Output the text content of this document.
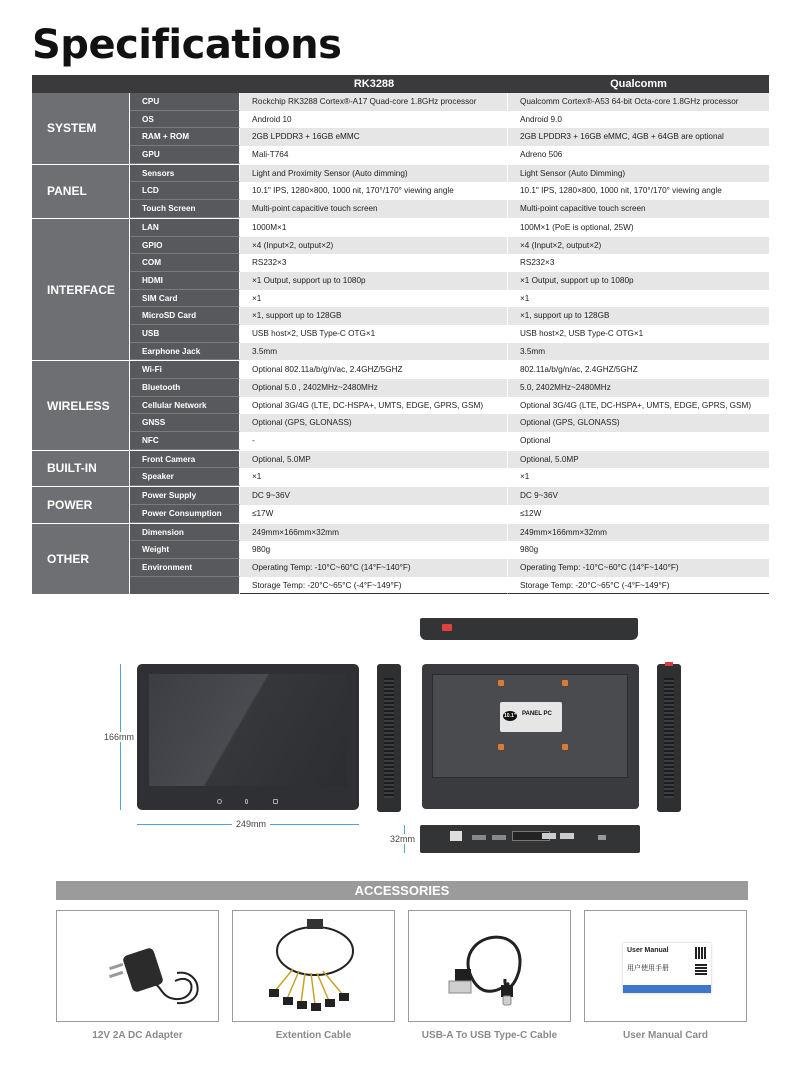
Specifications
RK3288	Qualcomm
SYSTEM
CPU	Rockchip RK3288 Cortex®-A17 Quad-core 1.8GHz processor	Qualcomm Cortex®-A53 64-bit Octa-core 1.8GHz processor
OS	Android 10	Android 9.0
RAM + ROM	2GB LPDDR3 + 16GB eMMC	2GB LPDDR3 + 16GB eMMC, 4GB + 64GB are optional
GPU	Mali-T764	Adreno 506
PANEL
Sensors	Light and Proximity Sensor (Auto dimming)	Light Sensor (Auto Dimming)
LCD	10.1" IPS, 1280×800, 1000 nit, 170°/170° viewing angle	10.1" IPS, 1280×800, 1000 nit, 170°/170° viewing angle
Touch Screen	Multi-point capacitive touch screen	Multi-point capacitive touch screen
INTERFACE
LAN	1000M×1	100M×1 (PoE is optional, 25W)
GPIO	×4 (Input×2, output×2)	×4 (Input×2, output×2)
COM	RS232×3	RS232×3
HDMI	×1 Output, support up to 1080p	×1 Output, support up to 1080p
SIM Card	×1	×1
MicroSD Card	×1, support up to 128GB	×1, support up to 128GB
USB	USB host×2, USB Type-C OTG×1	USB host×2, USB Type-C OTG×1
Earphone Jack	3.5mm	3.5mm
WIRELESS
Wi-Fi	Optional 802.11a/b/g/n/ac, 2.4GHZ/5GHZ	802.11a/b/g/n/ac, 2.4GHZ/5GHZ
Bluetooth	Optional 5.0 , 2402MHz~2480MHz	5.0, 2402MHz~2480MHz
Cellular Network	Optional 3G/4G (LTE, DC-HSPA+, UMTS, EDGE, GPRS, GSM)	Optional 3G/4G (LTE, DC-HSPA+, UMTS, EDGE, GPRS, GSM)
GNSS	Optional (GPS, GLONASS)	Optional (GPS, GLONASS)
NFC	-	Optional
BUILT-IN
Front Camera	Optional, 5.0MP	Optional, 5.0MP
Speaker	×1	×1
POWER
Power Supply	DC 9~36V	DC 9~36V
Power Consumption	≤17W	≤12W
OTHER
Dimension	249mm×166mm×32mm	249mm×166mm×32mm
Weight	980g	980g
Environment	Operating Temp: -10°C~60°C (14°F~140°F)	Operating Temp: -10°C~60°C (14°F~140°F)
Storage Temp: -20°C~65°C (-4°F~149°F)	Storage Temp: -20°C~65°C (-4°F~149°F)
166mm
249mm
10.1" PANEL PC
32mm
ACCESSORIES
User Manual
用户使用手册
12V 2A DC Adapter	Extention Cable	USB-A To USB Type-C Cable	User Manual Card
